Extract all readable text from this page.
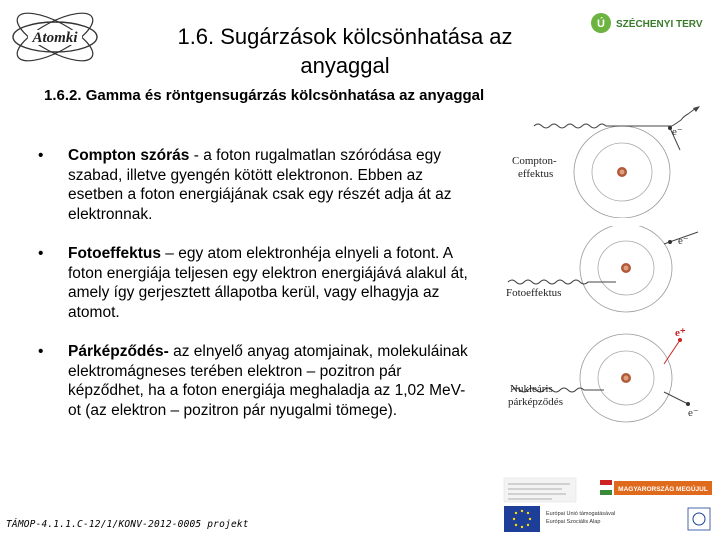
Atomki	1.6. Sugárzások kölcsönhatása az
anyaggal
Ú SZÉCHENYI TERV
1.6.2. Gamma és röntgensugárzás kölcsönhatása az anyaggal
• Compton szórás - a foton rugalmatlan szóródása egy szabad, illetve gyengén kötött elektronon. Ebben az esetben a foton energiájának csak egy részét adja át az elektronnak.
• Fotoeffektus – egy atom elektronhéja elnyeli a fotont. A foton energiája teljesen egy elektron energiájává alakul át, amely így gerjesztett állapotba kerül, vagy elhagyja az atomot.
• Párképződés- az elnyelő anyag atomjainak, molekuláinak elektromágneses terében elektron – pozitron pár képződhet, ha a foton energiája meghaladja az 1,02 MeV-ot (az elektron – pozitron pár nyugalmi tömege).
e⁻
Compton-
effektus
e⁻
Fotoeffektus
e⁺
e⁻
Nukleáris
párképződés
TÁMOP-4.1.1.C-12/1/KONV-2012-0005 projekt
MAGYARORSZÁG MEGÚJUL
Európai Unió támogatásával
Európai Szociális Alap
